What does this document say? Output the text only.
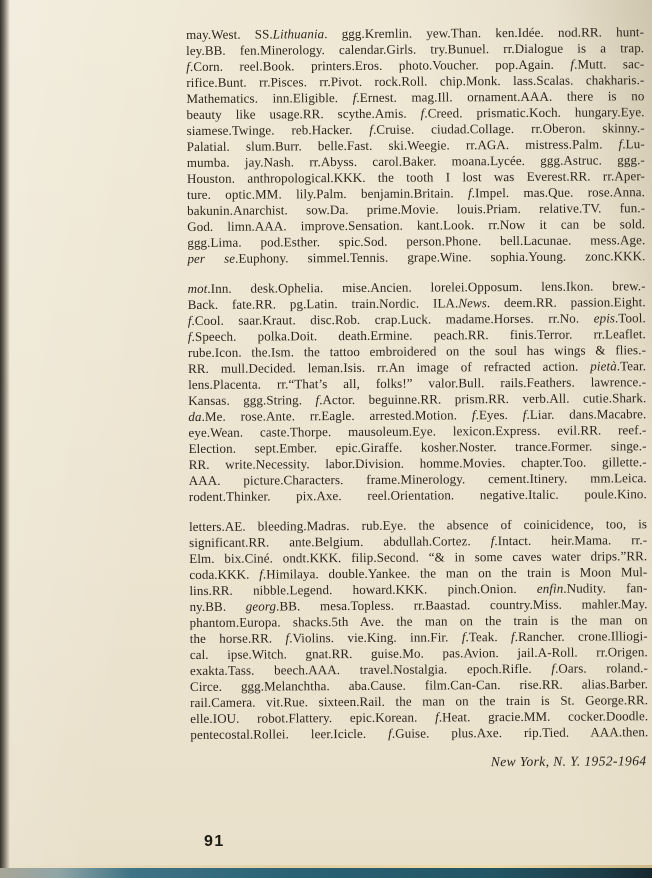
may.West. SS.Lithuania. ggg.Kremlin. yew.Than. ken.Idée. nod.RR. hunt-
ley.BB. fen.Minerology. calendar.Girls. try.Bunuel. rr.Dialogue is a trap.
f.Corn. reel.Book. printers.Eros. photo.Voucher. pop.Again. f.Mutt. sac-
rifice.Bunt. rr.Pisces. rr.Pivot. rock.Roll. chip.Monk. lass.Scalas. chakharis.-
Mathematics. inn.Eligible. f.Ernest. mag.Ill. ornament.AAA. there is no
beauty like usage.RR. scythe.Amis. f.Creed. prismatic.Koch. hungary.Eye.
siamese.Twinge. reb.Hacker. f.Cruise. ciudad.Collage. rr.Oberon. skinny.-
Palatial. slum.Burr. belle.Fast. ski.Weegie. rr.AGA. mistress.Palm. f.Lu-
mumba. jay.Nash. rr.Abyss. carol.Baker. moana.Lycée. ggg.Astruc. ggg.-
Houston. anthropological.KKK. the tooth I lost was Everest.RR. rr.Aper-
ture. optic.MM. lily.Palm. benjamin.Britain. f.Impel. mas.Que. rose.Anna.
bakunin.Anarchist. sow.Da. prime.Movie. louis.Priam. relative.TV. fun.-
God. limn.AAA. improve.Sensation. kant.Look. rr.Now it can be sold.
ggg.Lima. pod.Esther. spic.Sod. person.Phone. bell.Lacunae. mess.Age.
per se.Euphony. simmel.Tennis. grape.Wine. sophia.Young. zonc.KKK.
mot.Inn. desk.Ophelia. mise.Ancien. lorelei.Opposum. lens.Ikon. brew.-
Back. fate.RR. pg.Latin. train.Nordic. ILA.News. deem.RR. passion.Eight.
f.Cool. saar.Kraut. disc.Rob. crap.Luck. madame.Horses. rr.No. epis.Tool.
f.Speech. polka.Doit. death.Ermine. peach.RR. finis.Terror. rr.Leaflet.
rube.Icon. the.Ism. the tattoo embroidered on the soul has wings & flies.-
RR. mull.Decided. leman.Isis. rr.An image of refracted action. pietà.Tear.
lens.Placenta. rr.“That’s all, folks!” valor.Bull. rails.Feathers. lawrence.-
Kansas. ggg.String. f.Actor. beguinne.RR. prism.RR. verb.All. cutie.Shark.
da.Me. rose.Ante. rr.Eagle. arrested.Motion. f.Eyes. f.Liar. dans.Macabre.
eye.Wean. caste.Thorpe. mausoleum.Eye. lexicon.Express. evil.RR. reef.-
Election. sept.Ember. epic.Giraffe. kosher.Noster. trance.Former. singe.-
RR. write.Necessity. labor.Division. homme.Movies. chapter.Too. gillette.-
AAA. picture.Characters. frame.Minerology. cement.Itinery. mm.Leica.
rodent.Thinker. pix.Axe. reel.Orientation. negative.Italic. poule.Kino.
letters.AE. bleeding.Madras. rub.Eye. the absence of coinicidence, too, is
significant.RR. ante.Belgium. abdullah.Cortez. f.Intact. heir.Mama. rr.-
Elm. bix.Ciné. ondt.KKK. filip.Second. “& in some caves water drips.”RR.
coda.KKK. f.Himilaya. double.Yankee. the man on the train is Moon Mul-
lins.RR. nibble.Legend. howard.KKK. pinch.Onion. enfin.Nudity. fan-
ny.BB. georg.BB. mesa.Topless. rr.Baastad. country.Miss. mahler.May.
phantom.Europa. shacks.5th Ave. the man on the train is the man on
the horse.RR. f.Violins. vie.King. inn.Fir. f.Teak. f.Rancher. crone.Illiogi-
cal. ipse.Witch. gnat.RR. guise.Mo. pas.Avion. jail.A-Roll. rr.Origen.
exakta.Tass. beech.AAA. travel.Nostalgia. epoch.Rifle. f.Oars. roland.-
Circe. ggg.Melanchtha. aba.Cause. film.Can-Can. rise.RR. alias.Barber.
rail.Camera. vit.Rue. sixteen.Rail. the man on the train is St. George.RR.
elle.IOU. robot.Flattery. epic.Korean. f.Heat. gracie.MM. cocker.Doodle.
pentecostal.Rollei. leer.Icicle. f.Guise. plus.Axe. rip.Tied. AAA.then.
New York, N. Y. 1952-1964
91
